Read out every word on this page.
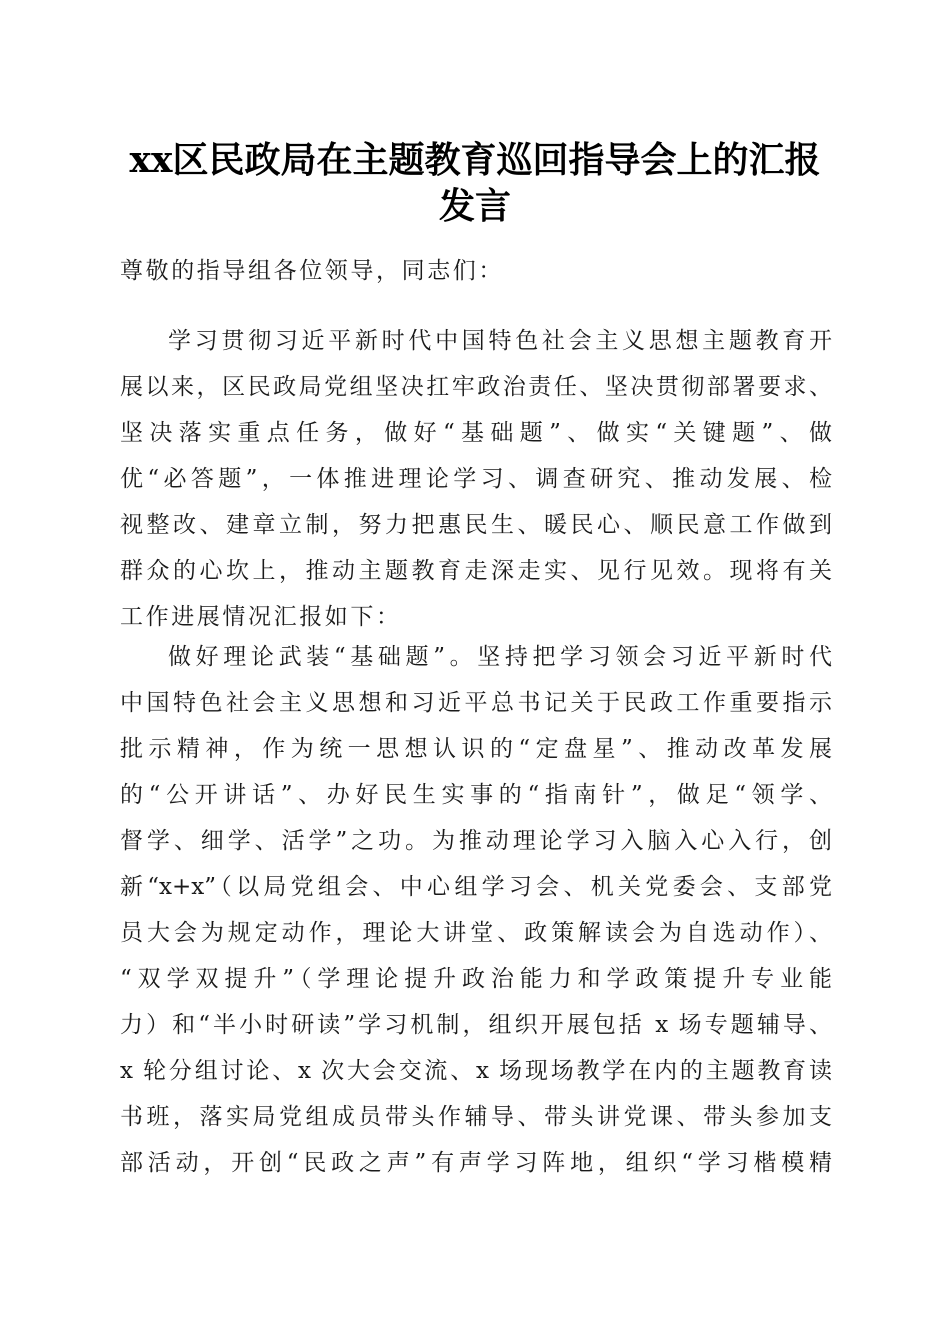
xx区民政局在主题教育巡回指导会上的汇报
发言
尊敬的指导组各位领导，同志们：
学习贯彻习近平新时代中国特色社会主义思想主题教育开
展以来，区民政局党组坚决扛牢政治责任、坚决贯彻部署要求、
坚决落实重点任务，做好“基础题”、做实“关键题”、做
优“必答题”，一体推进理论学习、调查研究、推动发展、检
视整改、建章立制，努力把惠民生、暖民心、顺民意工作做到
群众的心坎上，推动主题教育走深走实、见行见效。现将有关
工作进展情况汇报如下：
做好理论武装“基础题”。坚持把学习领会习近平新时代
中国特色社会主义思想和习近平总书记关于民政工作重要指示
批示精神，作为统一思想认识的“定盘星”、推动改革发展
的“公开讲话”、办好民生实事的“指南针”，做足“领学、
督学、细学、活学”之功。为推动理论学习入脑入心入行，创
新“x+x”（以局党组会、中心组学习会、机关党委会、支部党
员大会为规定动作，理论大讲堂、政策解读会为自选动作）、
“双学双提升”（学理论提升政治能力和学政策提升专业能
力）和“半小时研读”学习机制，组织开展包括 x 场专题辅导、
x 轮分组讨论、x 次大会交流、x 场现场教学在内的主题教育读
书班，落实局党组成员带头作辅导、带头讲党课、带头参加支
部活动，开创“民政之声”有声学习阵地，组织“学习楷模精
